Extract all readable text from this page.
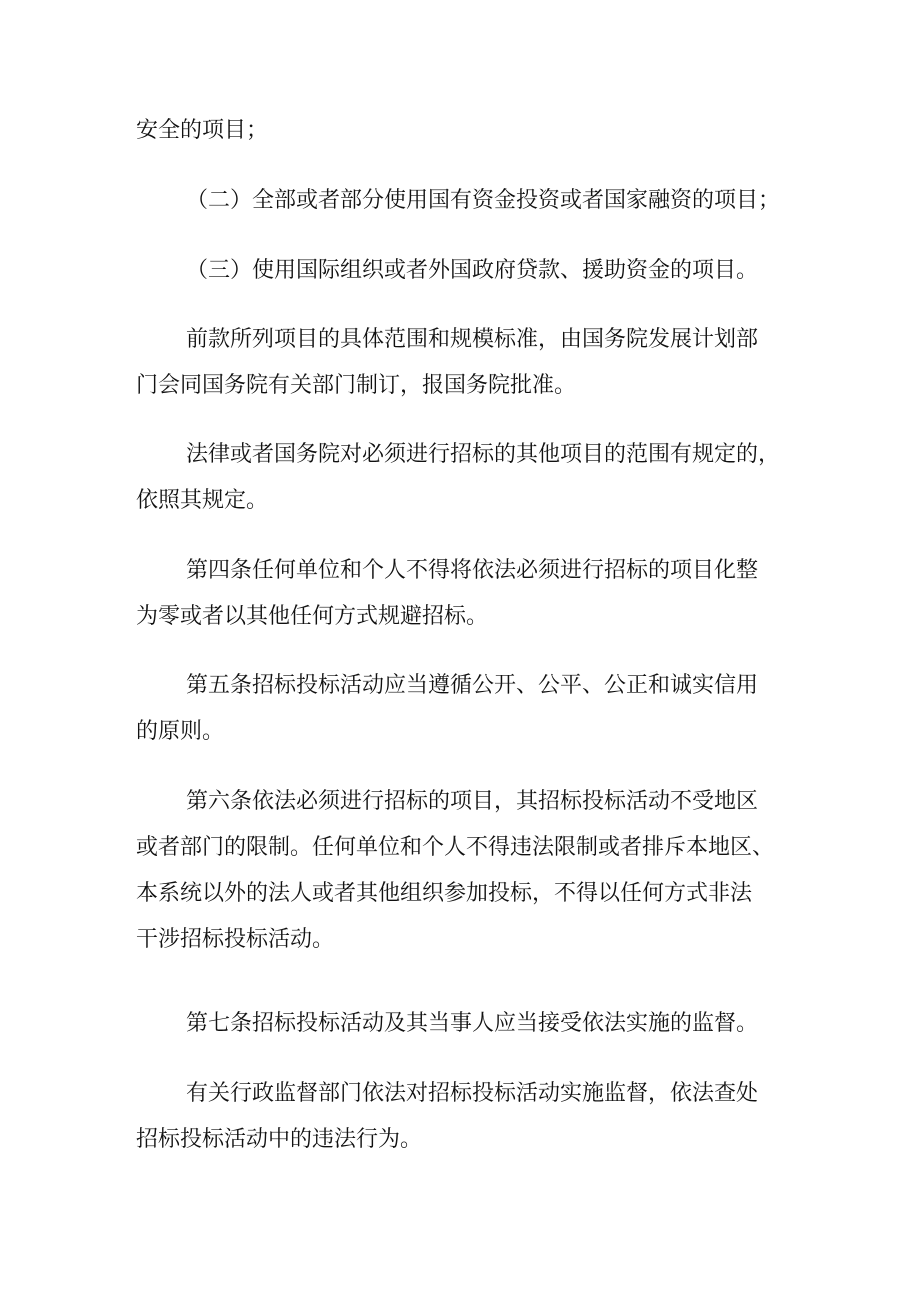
安全的项目；
（二）全部或者部分使用国有资金投资或者国家融资的项目；
（三）使用国际组织或者外国政府贷款、援助资金的项目。
前款所列项目的具体范围和规模标准，由国务院发展计划部
门会同国务院有关部门制订，报国务院批准。
法律或者国务院对必须进行招标的其他项目的范围有规定的，
依照其规定。
第四条任何单位和个人不得将依法必须进行招标的项目化整
为零或者以其他任何方式规避招标。
第五条招标投标活动应当遵循公开、公平、公正和诚实信用
的原则。
第六条依法必须进行招标的项目，其招标投标活动不受地区
或者部门的限制。任何单位和个人不得违法限制或者排斥本地区、
本系统以外的法人或者其他组织参加投标，不得以任何方式非法
干涉招标投标活动。
第七条招标投标活动及其当事人应当接受依法实施的监督。
有关行政监督部门依法对招标投标活动实施监督，依法查处
招标投标活动中的违法行为。
